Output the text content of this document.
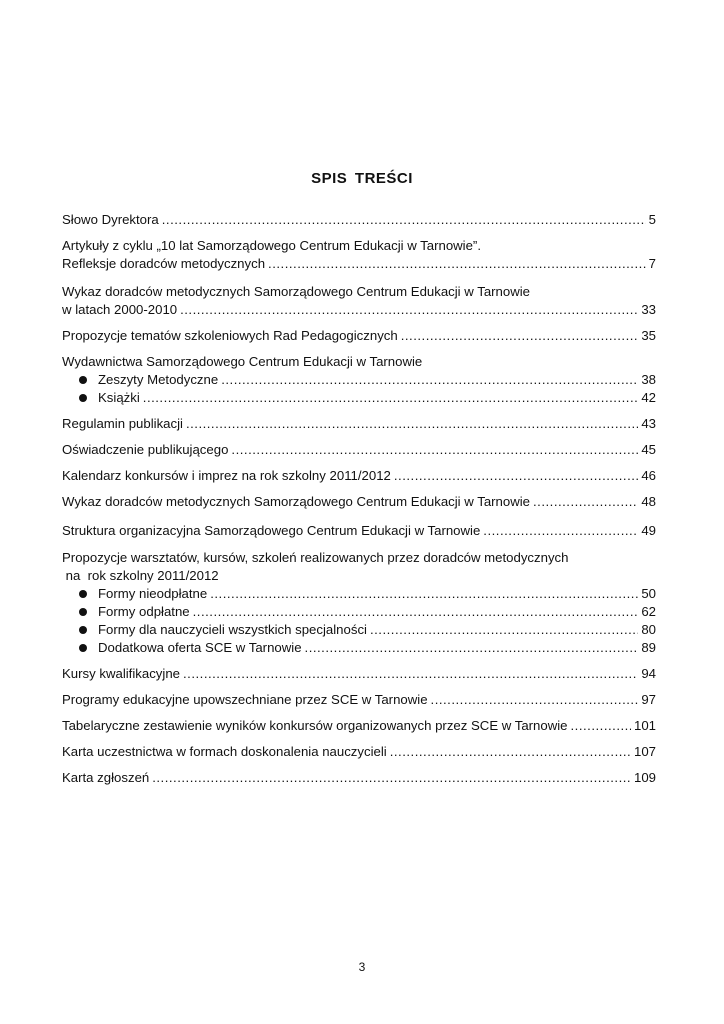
SPIS TREŚCI
Słowo Dyrektora .....	5
Artykuły z cyklu „10 lat Samorządowego Centrum Edukacji w Tarnowie”.
Refleksje doradców metodycznych .....	7
Wykaz doradców metodycznych Samorządowego Centrum Edukacji w Tarnowie
w latach 2000-2010 .....	33
Propozycje tematów szkoleniowych Rad Pedagogicznych .....	35
Wydawnictwa Samorządowego Centrum Edukacji w Tarnowie
Zeszyty Metodyczne .....	38
Książki .....	42
Regulamin publikacji .....	43
Oświadczenie publikującego .....	45
Kalendarz konkursów i imprez na rok szkolny 2011/2012 .....	46
Wykaz doradców metodycznych Samorządowego Centrum Edukacji w Tarnowie .....	48
Struktura organizacyjna Samorządowego Centrum Edukacji w Tarnowie .....	49
Propozycje warsztatów, kursów, szkoleń realizowanych przez doradców metodycznych
na  rok szkolny 2011/2012
Formy nieodpłatne .....	50
Formy odpłatne .....	62
Formy dla nauczycieli wszystkich specjalności .....	80
Dodatkowa oferta SCE w Tarnowie .....	89
Kursy kwalifikacyjne .....	94
Programy edukacyjne upowszechniane przez SCE w Tarnowie .....	97
Tabelaryczne zestawienie wyników konkursów organizowanych przez SCE w Tarnowie .....	101
Karta uczestnictwa w formach doskonalenia nauczycieli .....	107
Karta zgłoszeń .....	109
3
